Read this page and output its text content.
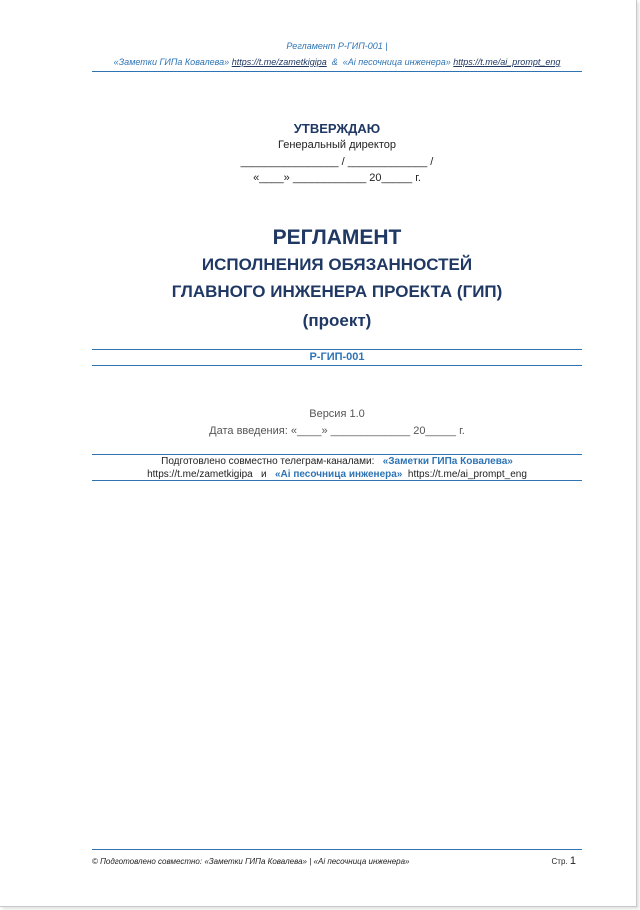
Регламент Р-ГИП-001 |
«Заметки ГИПа Ковалева» https://t.me/zametkigipa & «Ai песочница инженера» https://t.me/ai_prompt_eng
УТВЕРЖДАЮ
Генеральный директор
________________ / _____________ /
«____» ____________ 20_____ г.
РЕГЛАМЕНТ
ИСПОЛНЕНИЯ ОБЯЗАННОСТЕЙ
ГЛАВНОГО ИНЖЕНЕРА ПРОЕКТА (ГИП)
(проект)
Р-ГИП-001
Версия 1.0
Дата введения: «____» _____________ 20_____ г.
Подготовлено совместно телеграм-каналами: «Заметки ГИПа Ковалева»
https://t.me/zametkigipa и «Ai песочница инженера» https://t.me/ai_prompt_eng
© Подготовлено совместно: «Заметки ГИПа Ковалева» | «Ai песочница инженера»	Стр. 1
